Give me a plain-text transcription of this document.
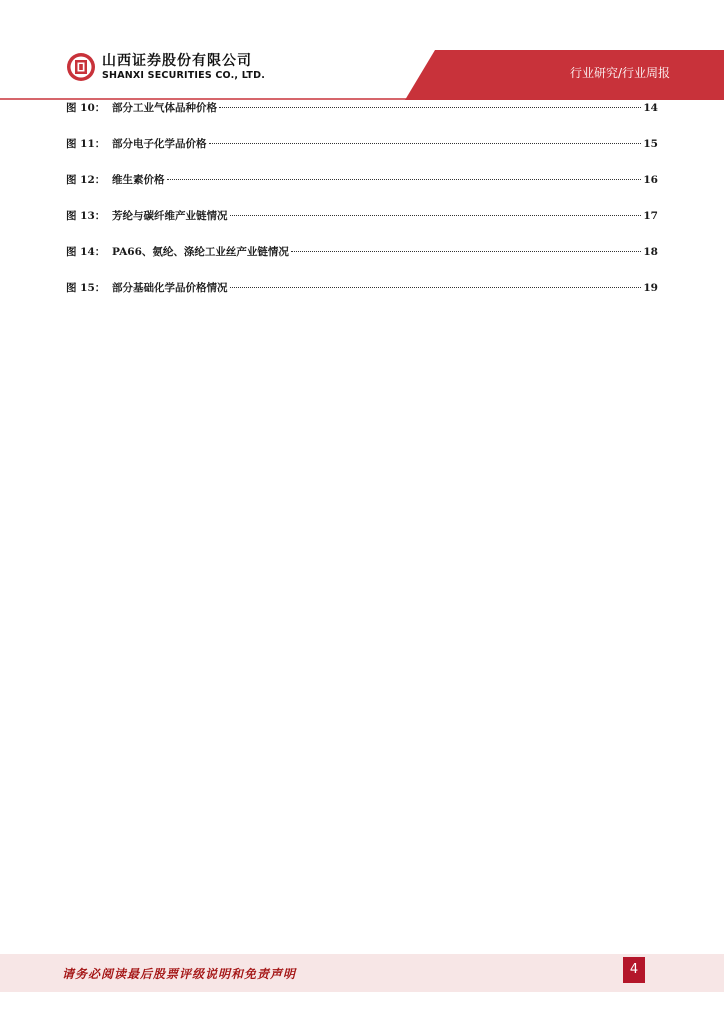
山西证券股份有限公司
SHANXI SECURITIES CO., LTD.	行业研究/行业周报
图 10： 部分工业气体品种价格	14
图 11： 部分电子化学品价格	15
图 12： 维生素价格	16
图 13： 芳纶与碳纤维产业链情况	17
图 14： PA66、氨纶、涤纶工业丝产业链情况	18
图 15： 部分基础化学品价格情况	19
请务必阅读最后股票评级说明和免责声明	4
